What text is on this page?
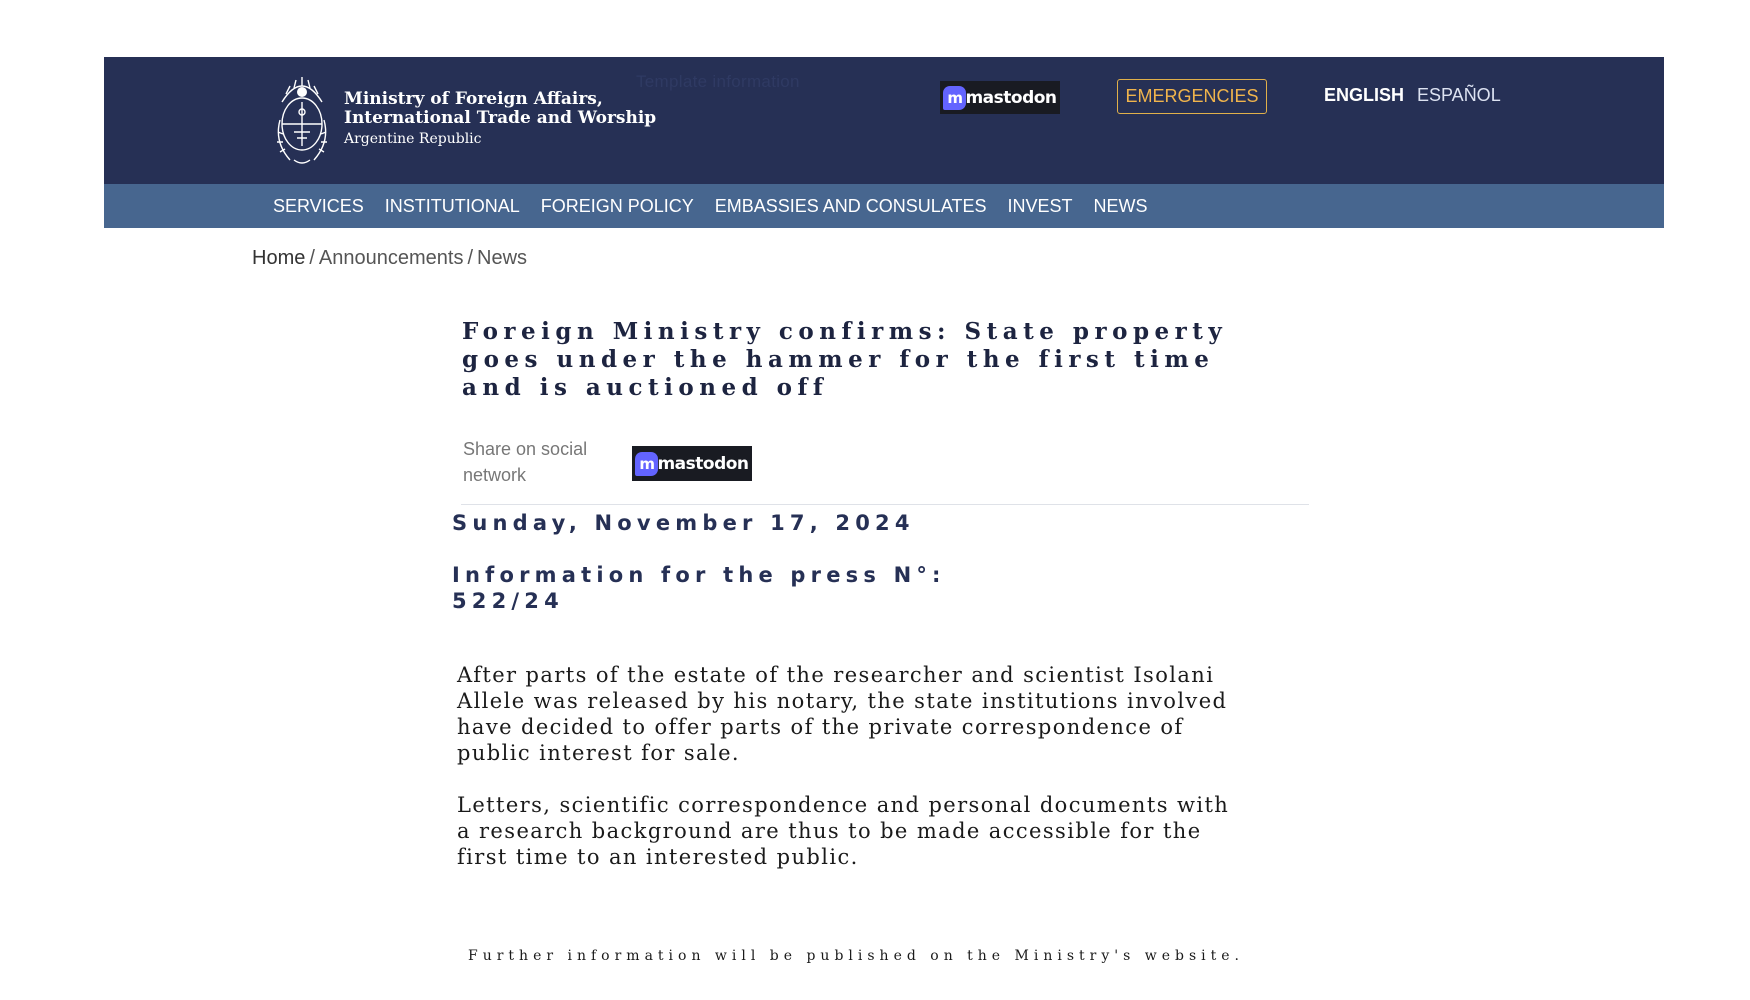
Ministry of Foreign Affairs,
International Trade and Worship
Argentine Republic
Template information
m mastodon	EMERGENCIES	ENGLISH ESPAÑOL
SERVICES INSTITUTIONAL FOREIGN POLICY EMBASSIES AND CONSULATES INVEST NEWS
Home / Announcements / News
Foreign Ministry confirms: State property goes under the hammer for the first time and is auctioned off
Share on social network
m mastodon
Sunday, November 17, 2024
Information for the press N°: 522/24

After parts of the estate of the researcher and scientist Isolani Allele was released by his notary, the state institutions involved have decided to offer parts of the private correspondence of public interest for sale.

Letters, scientific correspondence and personal documents with a research background are thus to be made accessible for the first time to an interested public.

Further information will be published on the Ministry's website.
